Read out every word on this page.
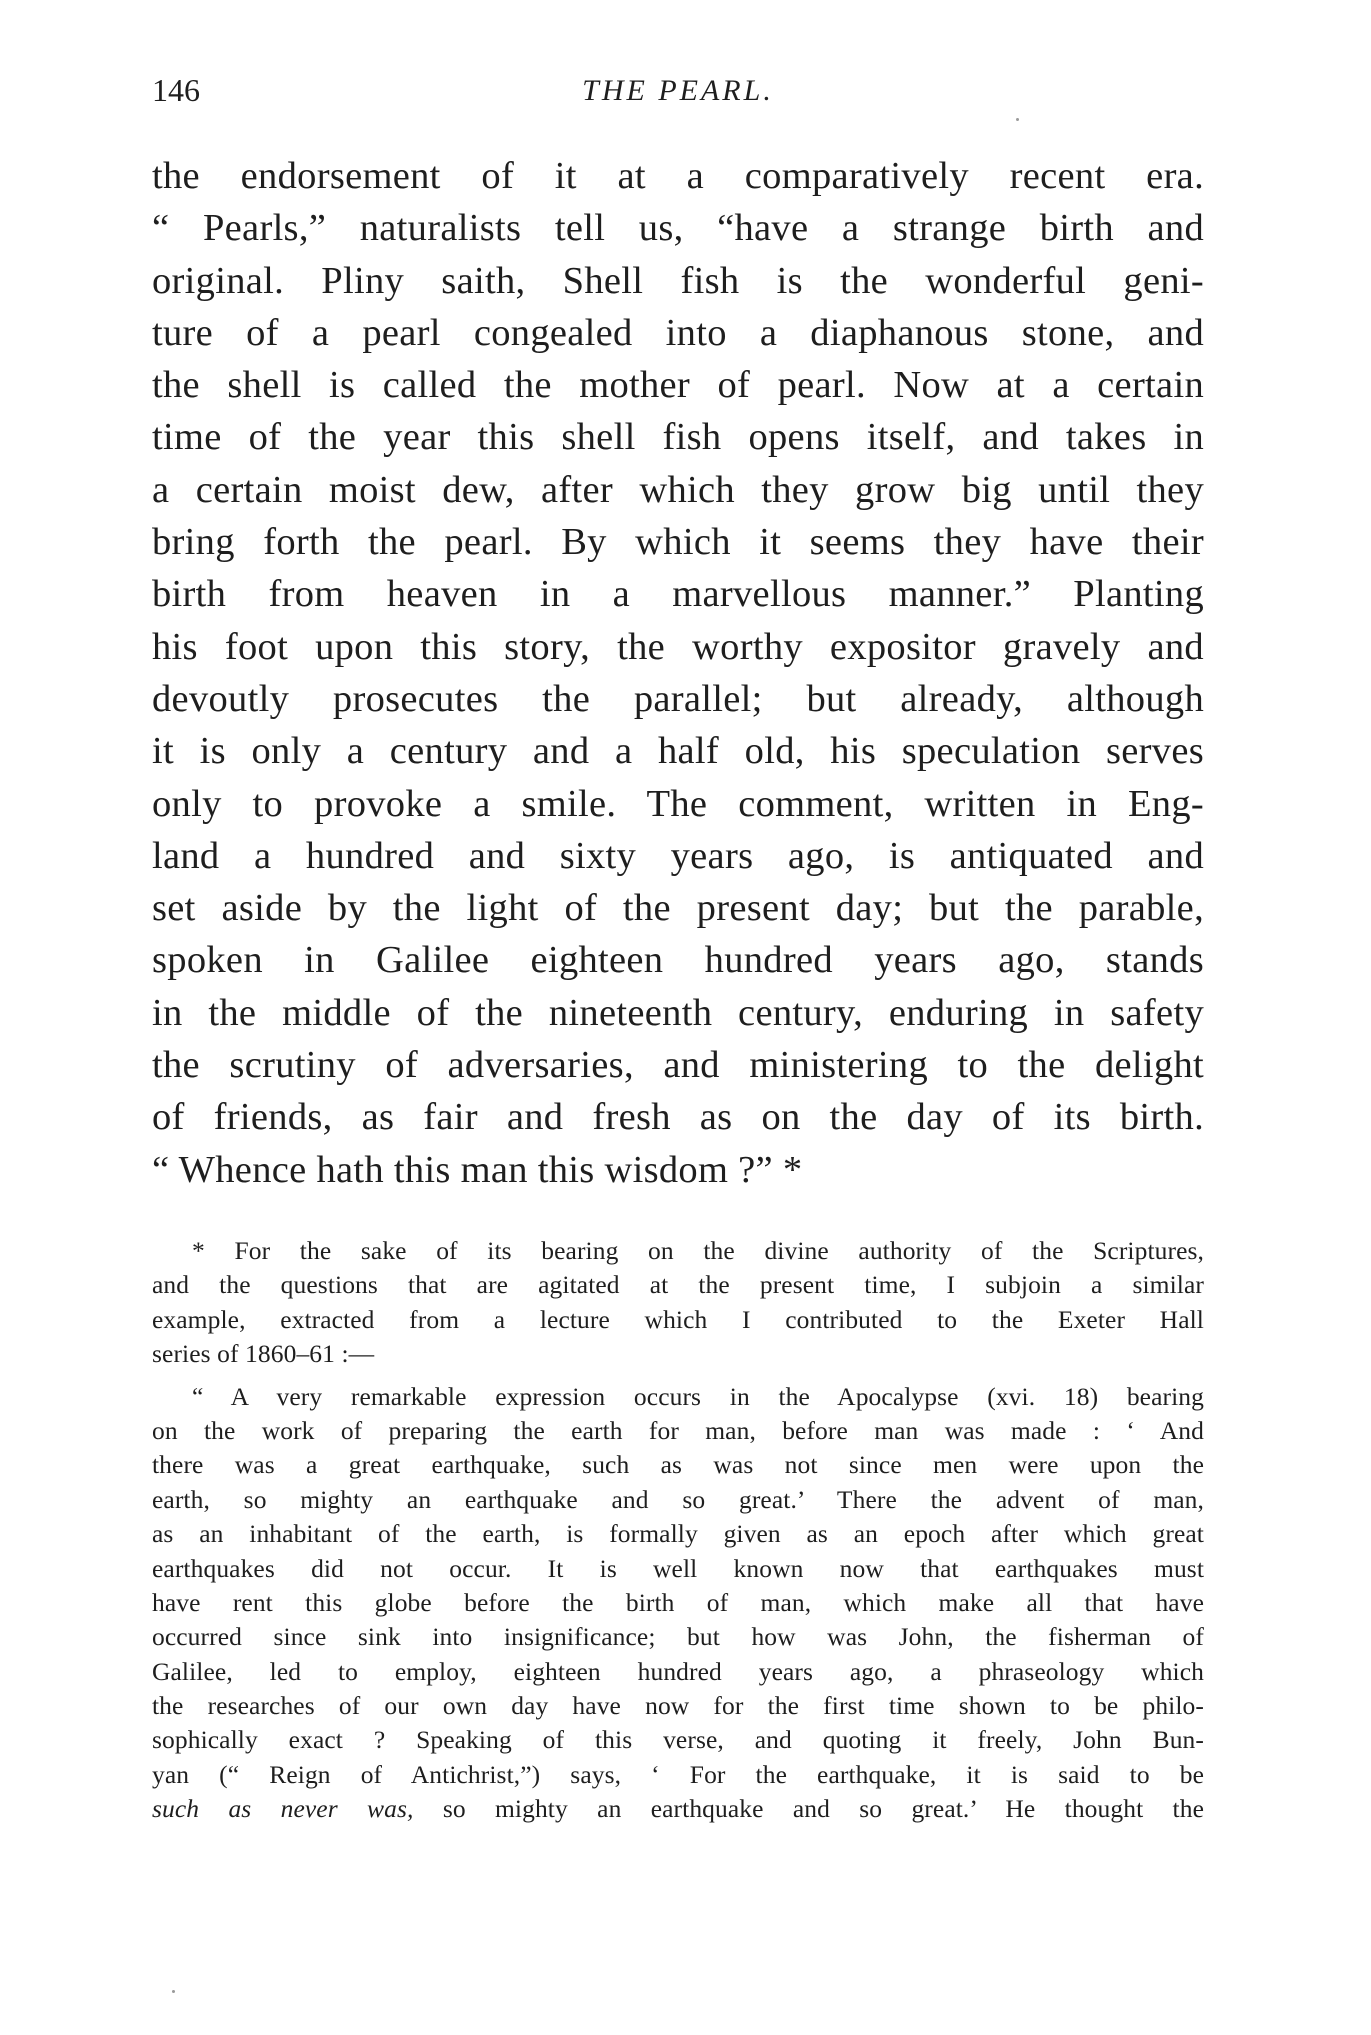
146	THE PEARL.
the endorsement of it at a comparatively recent era.
“ Pearls,” naturalists tell us, “have a strange birth and
original. Pliny saith, Shell fish is the wonderful geni-
ture of a pearl congealed into a diaphanous stone, and
the shell is called the mother of pearl. Now at a certain
time of the year this shell fish opens itself, and takes in
a certain moist dew, after which they grow big until they
bring forth the pearl. By which it seems they have their
birth from heaven in a marvellous manner.” Planting
his foot upon this story, the worthy expositor gravely and
devoutly prosecutes the parallel; but already, although
it is only a century and a half old, his speculation serves
only to provoke a smile. The comment, written in Eng-
land a hundred and sixty years ago, is antiquated and
set aside by the light of the present day; but the parable,
spoken in Galilee eighteen hundred years ago, stands
in the middle of the nineteenth century, enduring in safety
the scrutiny of adversaries, and ministering to the delight
of friends, as fair and fresh as on the day of its birth.
“ Whence hath this man this wisdom ?” *
* For the sake of its bearing on the divine authority of the Scriptures,
and the questions that are agitated at the present time, I subjoin a similar
example, extracted from a lecture which I contributed to the Exeter Hall
series of 1860–61 :—
“ A very remarkable expression occurs in the Apocalypse (xvi. 18) bearing
on the work of preparing the earth for man, before man was made : ‘ And
there was a great earthquake, such as was not since men were upon the
earth, so mighty an earthquake and so great.’ There the advent of man,
as an inhabitant of the earth, is formally given as an epoch after which great
earthquakes did not occur. It is well known now that earthquakes must
have rent this globe before the birth of man, which make all that have
occurred since sink into insignificance; but how was John, the fisherman of
Galilee, led to employ, eighteen hundred years ago, a phraseology which
the researches of our own day have now for the first time shown to be philo-
sophically exact ? Speaking of this verse, and quoting it freely, John Bun-
yan (“ Reign of Antichrist,”) says, ‘ For the earthquake, it is said to be
such as never was, so mighty an earthquake and so great.’ He thought the
